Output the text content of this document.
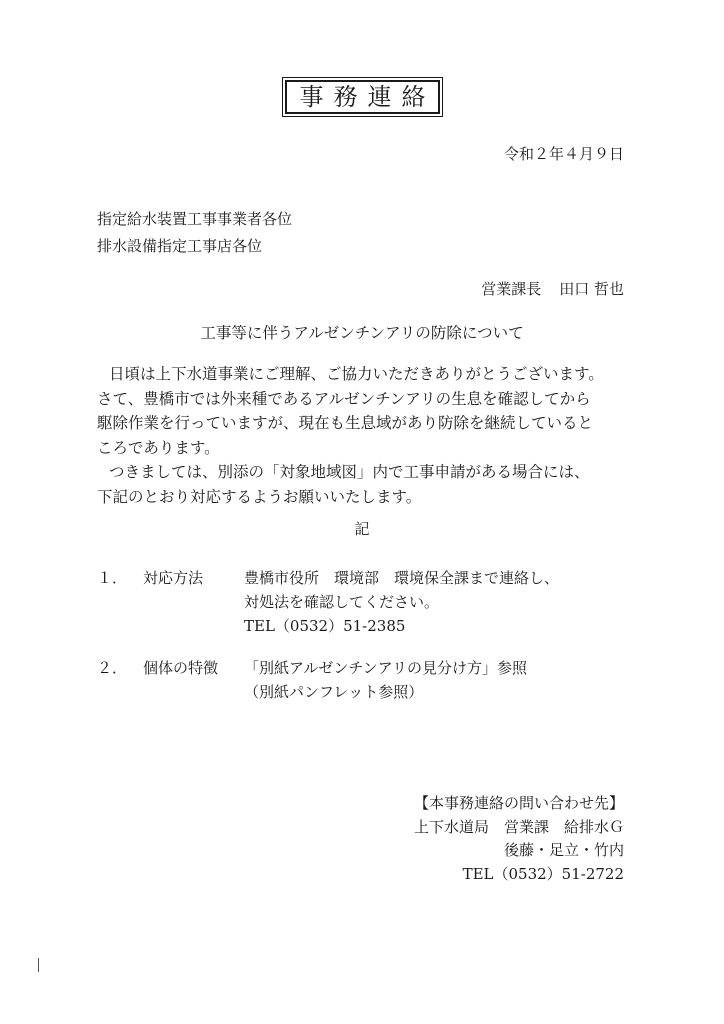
事務連絡
令和２年４月９日
指定給水装置工事事業者各位
排水設備指定工事店各位
営業課長 田口 哲也
工事等に伴うアルゼンチンアリの防除について
日頃は上下水道事業にご理解、ご協力いただきありがとうございます。
さて、豊橋市では外来種であるアルゼンチンアリの生息を確認してから
駆除作業を行っていますが、現在も生息域があり防除を継続していると
ころであります。
つきましては、別添の「対象地域図」内で工事申請がある場合には、
下記のとおり対応するようお願いいたします。
記
１． 対応方法	豊橋市役所　環境部　環境保全課まで連絡し、
対処法を確認してください。
TEL（0532）51-2385
２． 個体の特徴 「別紙アルゼンチンアリの見分け方」参照
（別紙パンフレット参照）
【本事務連絡の問い合わせ先】
上下水道局　営業課　給排水Ｇ
後藤・足立・竹内
TEL（0532）51-2722
